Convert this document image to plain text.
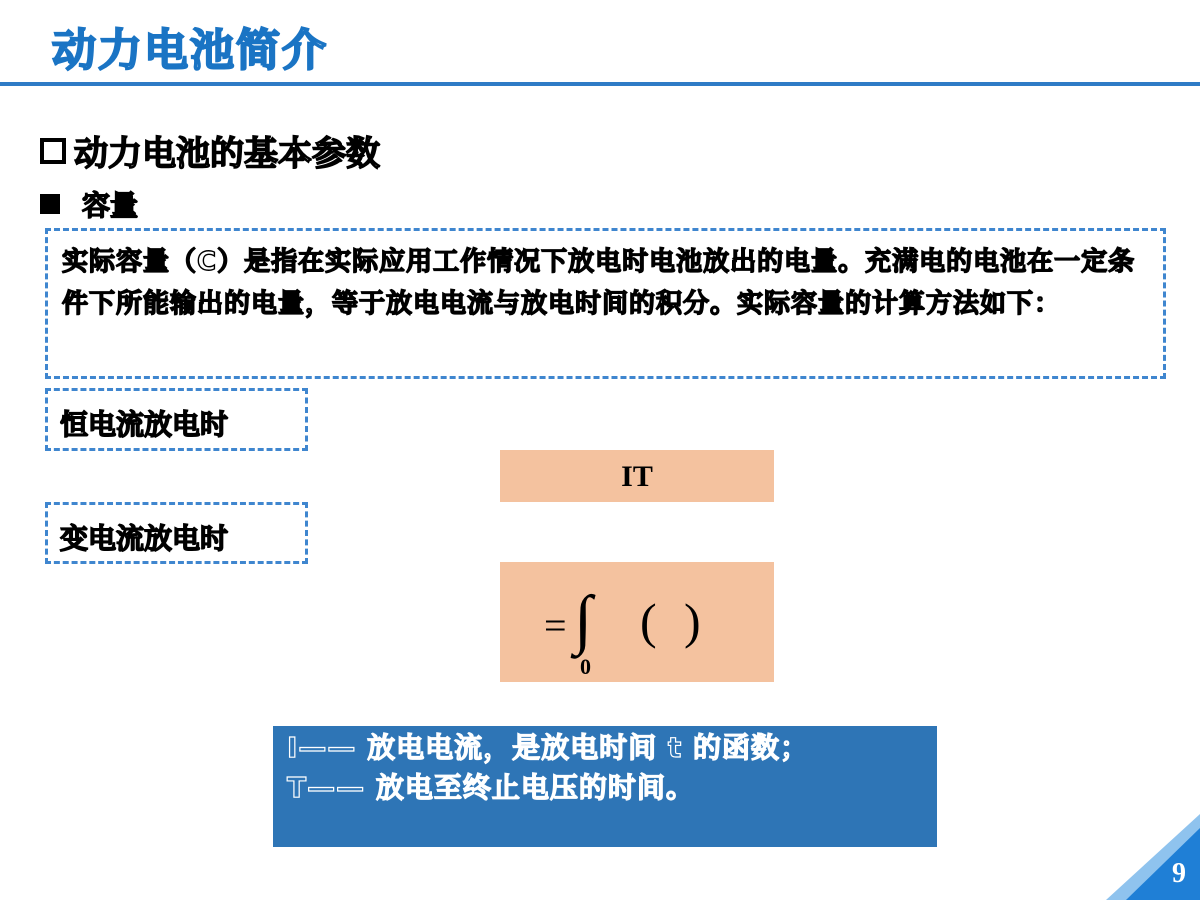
动力电池简介
动力电池的基本参数
容量
实际容量（C）是指在实际应用工作情况下放电时电池放出的电量。充满电的电池在一定条件下所能输出的电量，等于放电电流与放电时间的积分。实际容量的计算方法如下：
恒电流放电时
IT
变电流放电时
= ∫ ( )
0
I—— 放电电流，是放电时间 t 的函数；
T—— 放电至终止电压的时间。
9
